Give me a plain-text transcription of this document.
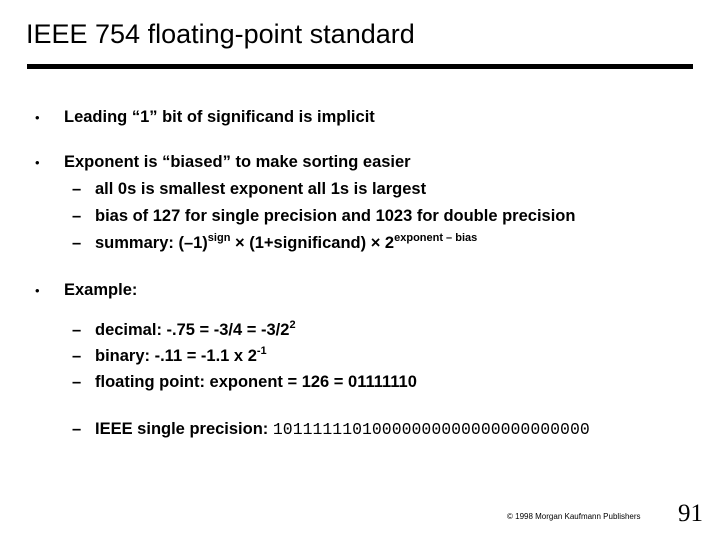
IEEE 754 floating-point standard
• Leading “1” bit of significand is implicit
• Exponent is “biased” to make sorting easier
– all 0s is smallest exponent all 1s is largest
– bias of 127 for single precision and 1023 for double precision
– summary: $(-1)^{sign}$ × (1+significand) × $2^{exponent - bias}$
• Example:
– decimal: $-.75 = -3/4 = -3/2^2$
– binary: -.11 = -1.1 x $2^{-1}$
– floating point: exponent = 126 = 01111110
– IEEE single precision: 10111111010000000000000000000000
© 1998 Morgan Kaufmann Publishers 91
